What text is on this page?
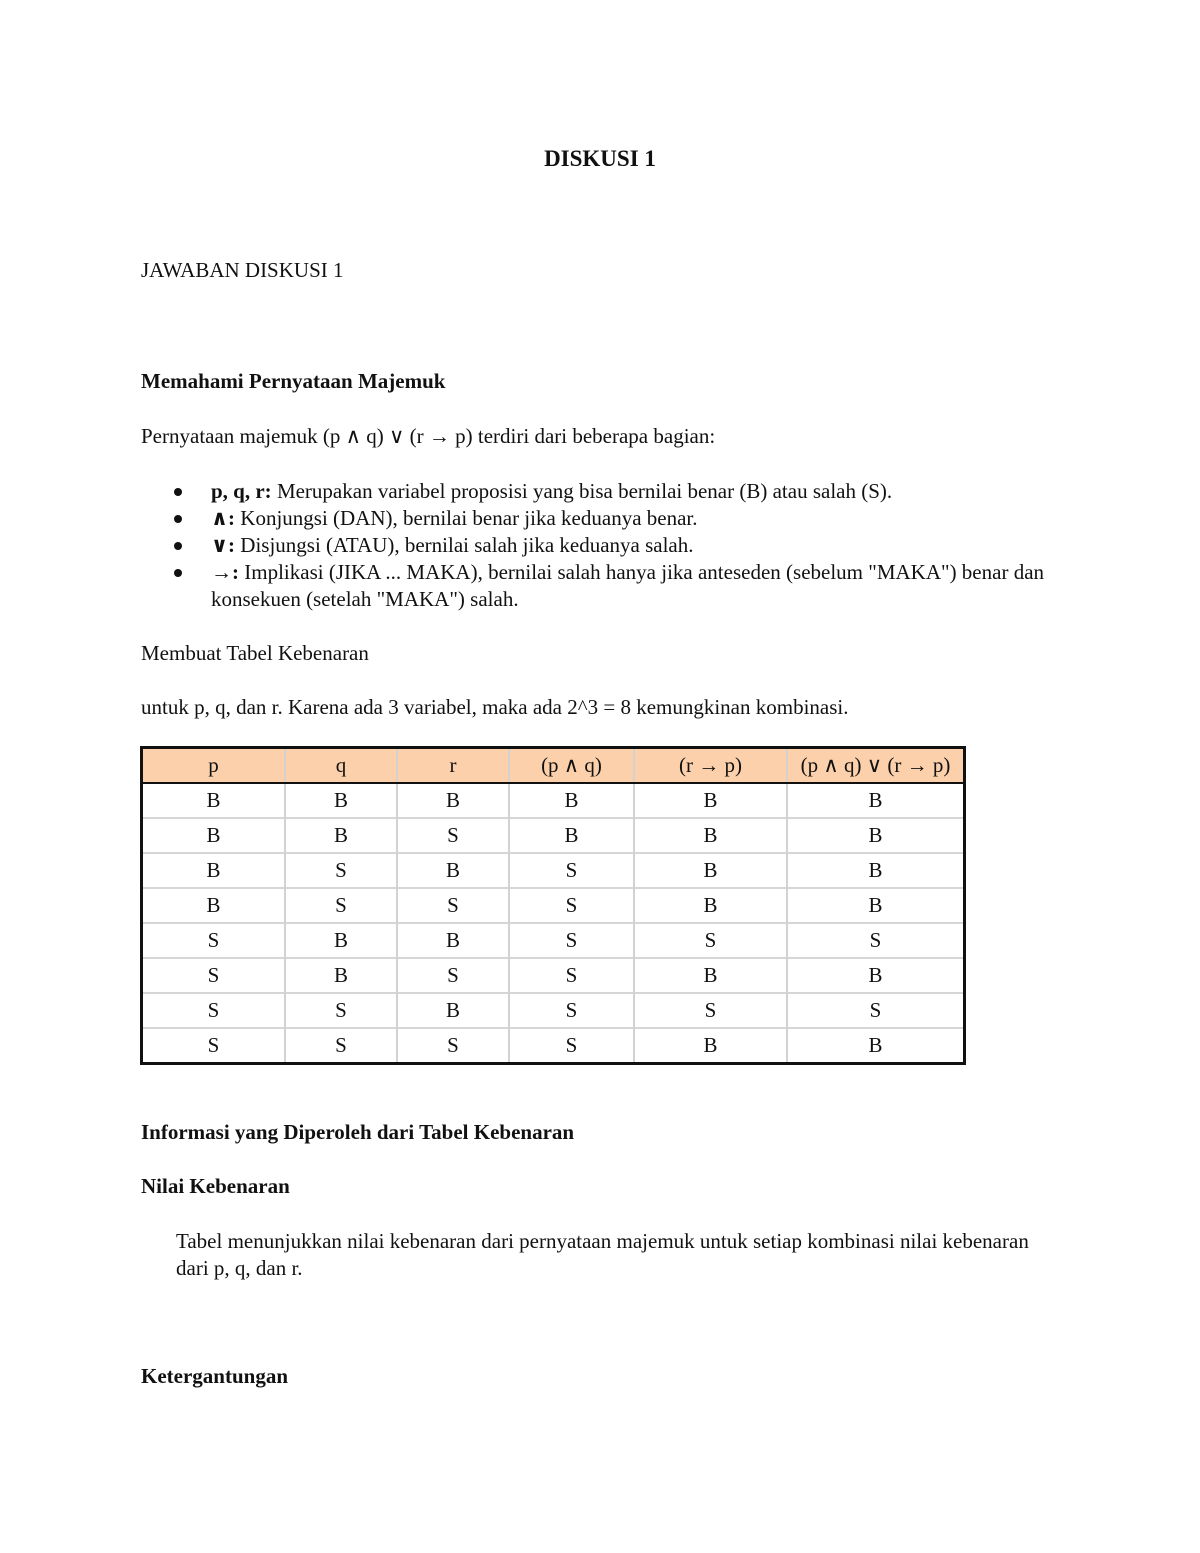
DISKUSI 1

JAWABAN DISKUSI 1

Memahami Pernyataan Majemuk

Pernyataan majemuk (p ∧ q) ∨ (r → p) terdiri dari beberapa bagian:

p, q, r: Merupakan variabel proposisi yang bisa bernilai benar (B) atau salah (S).
∧: Konjungsi (DAN), bernilai benar jika keduanya benar.
∨: Disjungsi (ATAU), bernilai salah jika keduanya salah.
→: Implikasi (JIKA ... MAKA), bernilai salah hanya jika anteseden (sebelum "MAKA") benar dan konsekuen (setelah "MAKA") salah.

Membuat Tabel Kebenaran

untuk p, q, dan r. Karena ada 3 variabel, maka ada 2^3 = 8 kemungkinan kombinasi.

p	q	r	(p ∧ q)	(r → p)	(p ∧ q) ∨ (r → p)
B	B	B	B	B	B
B	B	S	B	B	B
B	S	B	S	B	B
B	S	S	S	B	B
S	B	B	S	S	S
S	B	S	S	B	B
S	S	B	S	S	S
S	S	S	S	B	B

Informasi yang Diperoleh dari Tabel Kebenaran

Nilai Kebenaran

Tabel menunjukkan nilai kebenaran dari pernyataan majemuk untuk setiap kombinasi nilai kebenaran dari p, q, dan r.

Ketergantungan
